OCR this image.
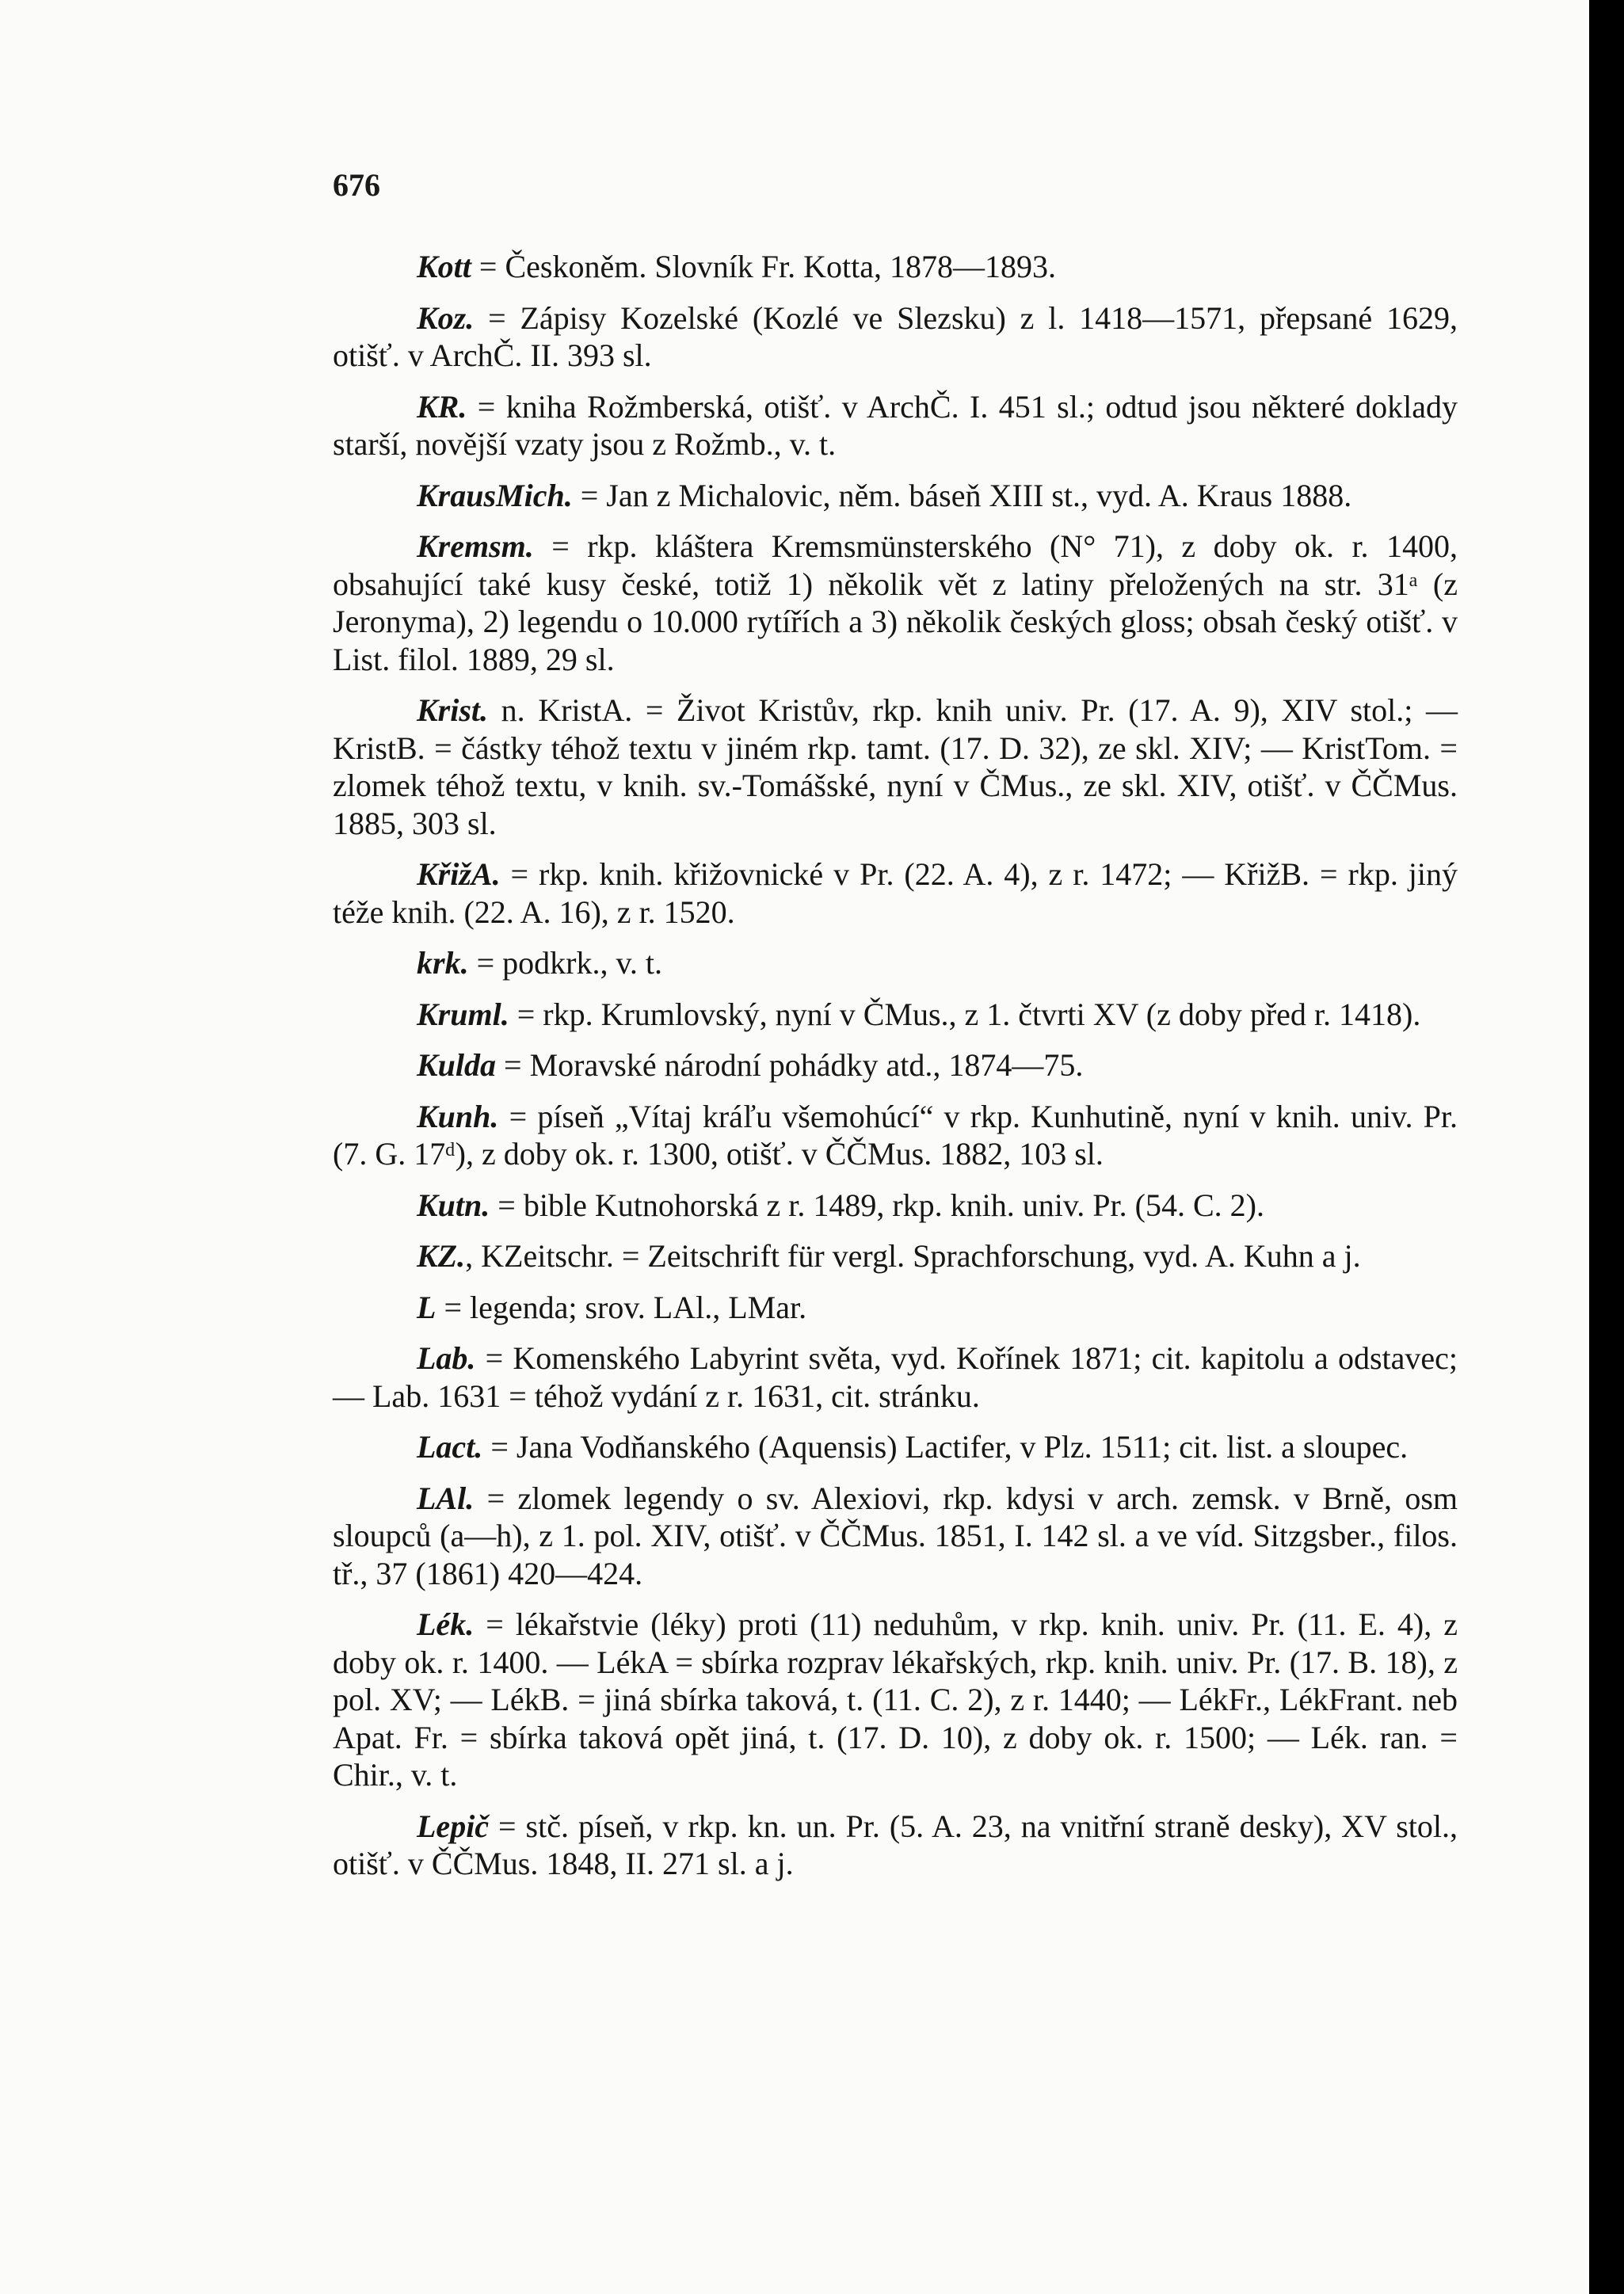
676

Kott = Českoněm. Slovník Fr. Kotta, 1878—1893.

Koz. = Zápisy Kozelské (Kozlé ve Slezsku) z l. 1418—1571, přepsané 1629, otišť. v ArchČ. II. 393 sl.

KR. = kniha Rožmberská, otišť. v ArchČ. I. 451 sl.; odtud jsou některé doklady starší, novější vzaty jsou z Rožmb., v. t.

KrausMich. = Jan z Michalovic, něm. báseň XIII st., vyd. A. Kraus 1888.

Kremsm. = rkp. kláštera Kremsmünsterského (N° 71), z doby ok. r. 1400, obsahující také kusy české, totiž 1) několik vět z latiny přeložených na str. 31ᵃ (z Jeronyma), 2) legendu o 10.000 rytířích a 3) několik českých gloss; obsah český otišť. v List. filol. 1889, 29 sl.

Krist. n. KristA. = Život Kristův, rkp. knih univ. Pr. (17. A. 9), XIV stol.; — KristB. = částky téhož textu v jiném rkp. tamt. (17. D. 32), ze skl. XIV; — KristTom. = zlomek téhož textu, v knih. sv.-Tomášské, nyní v ČMus., ze skl. XIV, otišť. v ČČMus. 1885, 303 sl.

KřižA. = rkp. knih. křižovnické v Pr. (22. A. 4), z r. 1472; — KřižB. = rkp. jiný téže knih. (22. A. 16), z r. 1520.

krk. = podkrk., v. t.

Kruml. = rkp. Krumlovský, nyní v ČMus., z 1. čtvrti XV (z doby před r. 1418).

Kulda = Moravské národní pohádky atd., 1874—75.

Kunh. = píseň „Vítaj kráľu všemohúcí“ v rkp. Kunhutině, nyní v knih. univ. Pr. (7. G. 17ᵈ), z doby ok. r. 1300, otišť. v ČČMus. 1882, 103 sl.

Kutn. = bible Kutnohorská z r. 1489, rkp. knih. univ. Pr. (54. C. 2).

KZ., KZeitschr. = Zeitschrift für vergl. Sprachforschung, vyd. A. Kuhn a j.

L = legenda; srov. LAl., LMar.

Lab. = Komenského Labyrint světa, vyd. Kořínek 1871; cit. kapitolu a odstavec; — Lab. 1631 = téhož vydání z r. 1631, cit. stránku.

Lact. = Jana Vodňanského (Aquensis) Lactifer, v Plz. 1511; cit. list. a sloupec.

LAl. = zlomek legendy o sv. Alexiovi, rkp. kdysi v arch. zemsk. v Brně, osm sloupců (a—h), z 1. pol. XIV, otišť. v ČČMus. 1851, I. 142 sl. a ve víd. Sitzgsber., filos. tř., 37 (1861) 420—424.

Lék. = lékařstvie (léky) proti (11) neduhům, v rkp. knih. univ. Pr. (11. E. 4), z doby ok. r. 1400. — LékA = sbírka rozprav lékařských, rkp. knih. univ. Pr. (17. B. 18), z pol. XV; — LékB. = jiná sbírka taková, t. (11. C. 2), z r. 1440; — LékFr., LékFrant. neb Apat. Fr. = sbírka taková opět jiná, t. (17. D. 10), z doby ok. r. 1500; — Lék. ran. = Chir., v. t.

Lepič = stč. píseň, v rkp. kn. un. Pr. (5. A. 23, na vnitřní straně desky), XV stol., otišť. v ČČMus. 1848, II. 271 sl. a j.
